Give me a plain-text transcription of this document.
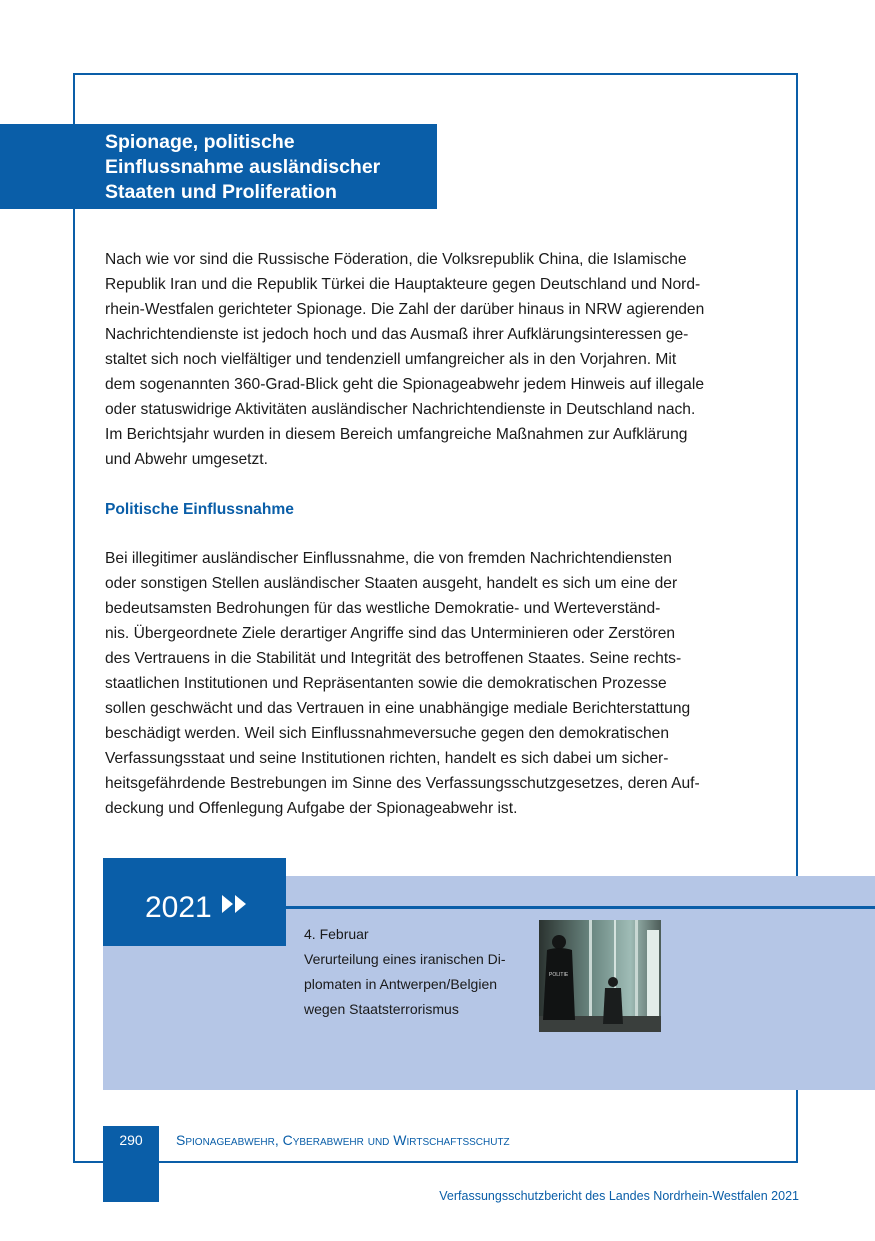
Spionage, politische
Einflussnahme ausländischer
Staaten und Proliferation
Nach wie vor sind die Russische Föderation, die Volksrepublik China, die Islamische
Republik Iran und die Republik Türkei die Hauptakteure gegen Deutschland und Nord-
rhein-Westfalen gerichteter Spionage. Die Zahl der darüber hinaus in NRW agierenden
Nachrichtendienste ist jedoch hoch und das Ausmaß ihrer Aufklärungsinteressen ge-
staltet sich noch vielfältiger und tendenziell umfangreicher als in den Vorjahren. Mit
dem sogenannten 360-Grad-Blick geht die Spionageabwehr jedem Hinweis auf illegale
oder statuswidrige Aktivitäten ausländischer Nachrichtendienste in Deutschland nach.
Im Berichtsjahr wurden in diesem Bereich umfangreiche Maßnahmen zur Aufklärung
und Abwehr umgesetzt.
Politische Einflussnahme
Bei illegitimer ausländischer Einflussnahme, die von fremden Nachrichtendiensten
oder sonstigen Stellen ausländischer Staaten ausgeht, handelt es sich um eine der
bedeutsamsten Bedrohungen für das westliche Demokratie- und Werteverständ-
nis. Übergeordnete Ziele derartiger Angriffe sind das Unterminieren oder Zerstören
des Vertrauens in die Stabilität und Integrität des betroffenen Staates. Seine rechts-
staatlichen Institutionen und Repräsentanten sowie die demokratischen Prozesse
sollen geschwächt und das Vertrauen in eine unabhängige mediale Berichterstattung
beschädigt werden. Weil sich Einflussnahmeversuche gegen den demokratischen
Verfassungsstaat und seine Institutionen richten, handelt es sich dabei um sicher-
heitsgefährdende Bestrebungen im Sinne des Verfassungsschutzgesetzes, deren Auf-
deckung und Offenlegung Aufgabe der Spionageabwehr ist.
2021
4. Februar
Verurteilung eines iranischen Di-
plomaten in Antwerpen/Belgien
wegen Staatsterrorismus
POLITIE
290	Spionageabwehr, Cyberabwehr und Wirtschaftsschutz
Verfassungsschutzbericht des Landes Nordrhein-Westfalen 2021
